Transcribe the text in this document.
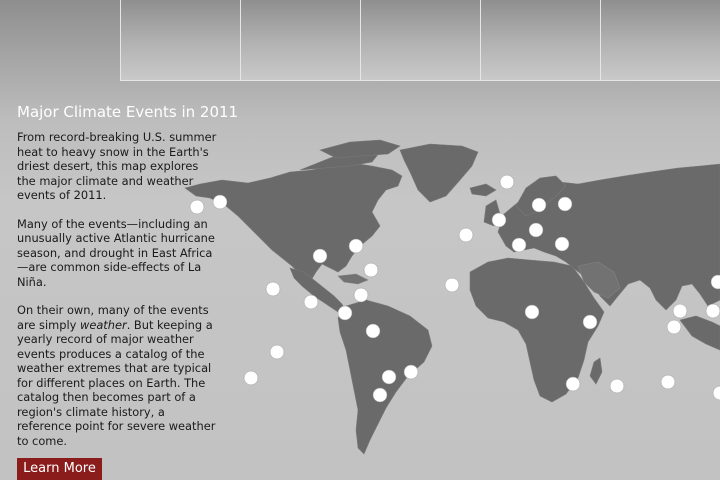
Major Climate Events in 2011

From record-breaking U.S. summer heat to heavy snow in the Earth's driest desert, this map explores the major climate and weather events of 2011.

Many of the events—including an unusually active Atlantic hurricane season, and drought in East Africa—are common side-effects of La Niña.

On their own, many of the events are simply weather. But keeping a yearly record of major weather events produces a catalog of the weather extremes that are typical for different places on Earth. The catalog then becomes part of a region's climate history, a reference point for severe weather to come.

Learn More
